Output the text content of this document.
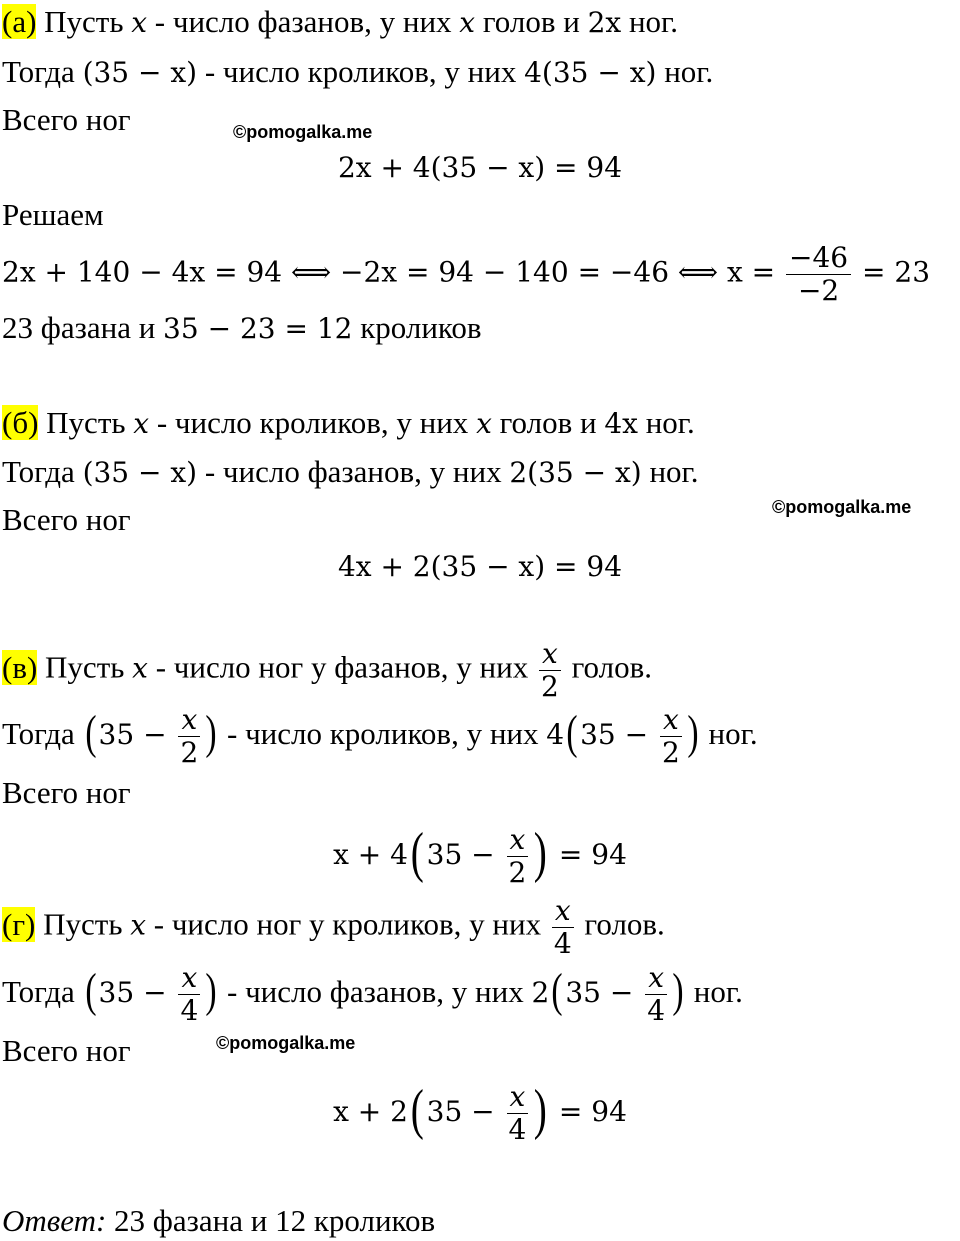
(а) Пусть x - число фазанов, у них x голов и 2x ног.
Тогда (35 − x) - число кроликов, у них 4(35 − x) ног.
Всего ног	©pomogalka.me
2x + 4(35 − x) = 94
Решаем
2x + 140 − 4x = 94 ⟺ −2x = 94 − 140 = −46 ⟺ $x = \frac{-46}{-2} = 23$
23 фазана и 35 − 23 = 12 кроликов
(б) Пусть x - число кроликов, у них x голов и 4x ног.
Тогда (35 − x) - число фазанов, у них 2(35 − x) ног.
Всего ног	©pomogalka.me
4x + 2(35 − x) = 94
(в) Пусть x - число ног у фазанов, у них $\frac{x}{2}$ голов.
Тогда ($35 - \frac{x}{2}$ ) - число кроликов, у них $4(35 - \frac{x}{2}$ ) ног.
Всего ног
$x + 4(35 - \frac{x}{2}$ ) = 94
(г) Пусть x - число ног у кроликов, у них $\frac{x}{4}$ голов.
Тогда ($35 - \frac{x}{4}$ ) - число фазанов, у них $2(35 - \frac{x}{4}$ ) ног.
Всего ног	©pomogalka.me
$x + 2(35 - \frac{x}{4}$ ) = 94
Ответ: 23 фазана и 12 кроликов
